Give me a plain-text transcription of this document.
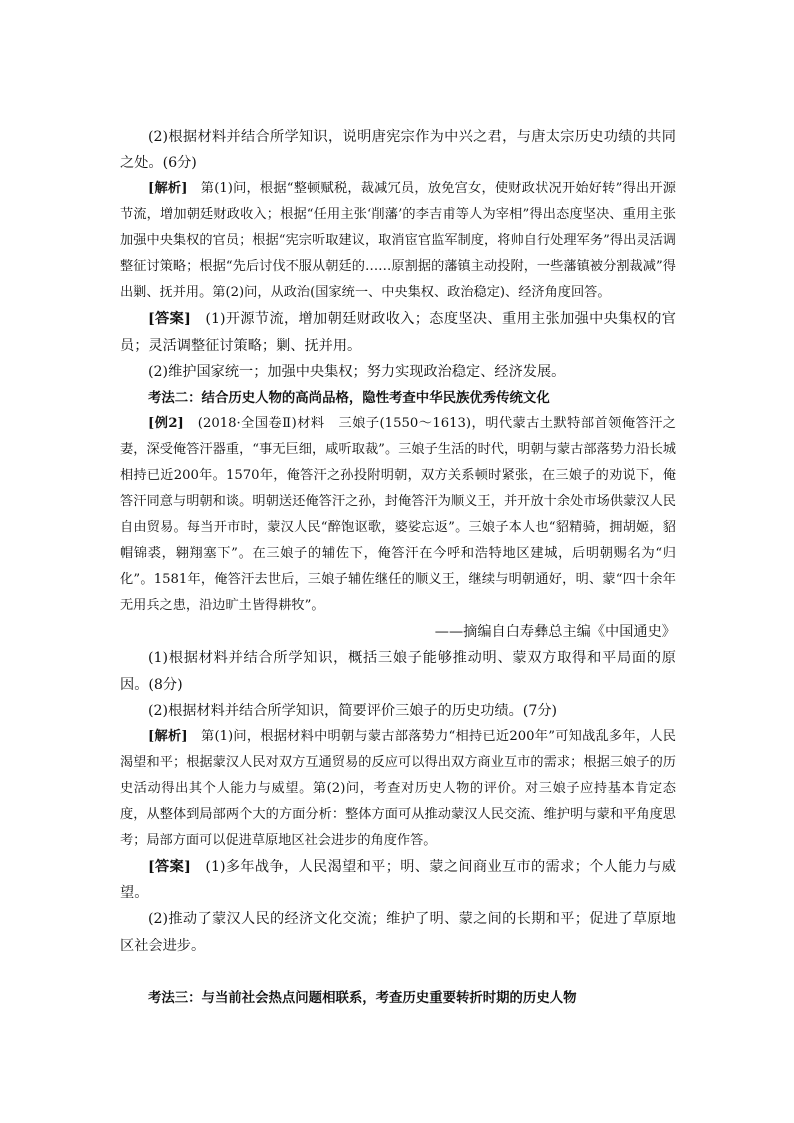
(2)根据材料并结合所学知识，说明唐宪宗作为中兴之君，与唐太宗历史功绩的共同之处。(6分)

[解析] 第(1)问，根据“整顿赋税，裁减冗员，放免宫女，使财政状况开始好转”得出开源节流，增加朝廷财政收入；根据“任用主张‘削藩’的李吉甫等人为宰相”得出态度坚决、重用主张加强中央集权的官员；根据“宪宗听取建议，取消宦官监军制度，将帅自行处理军务”得出灵活调整征讨策略；根据“先后讨伐不服从朝廷的……原割据的藩镇主动投附，一些藩镇被分割裁减”得出剿、抚并用。第(2)问，从政治(国家统一、中央集权、政治稳定)、经济角度回答。

[答案] (1)开源节流，增加朝廷财政收入；态度坚决、重用主张加强中央集权的官员；灵活调整征讨策略；剿、抚并用。

(2)维护国家统一；加强中央集权；努力实现政治稳定、经济发展。

考法二：结合历史人物的高尚品格，隐性考查中华民族优秀传统文化

[例2] (2018·全国卷Ⅱ)材料 三娘子(1550～1613)，明代蒙古土默特部首领俺答汗之妻，深受俺答汗器重，“事无巨细，咸听取裁”。三娘子生活的时代，明朝与蒙古部落势力沿长城相持已近200年。1570年，俺答汗之孙投附明朝，双方关系顿时紧张，在三娘子的劝说下，俺答汗同意与明朝和谈。明朝送还俺答汗之孙，封俺答汗为顺义王，并开放十余处市场供蒙汉人民自由贸易。每当开市时，蒙汉人民“醉饱讴歌，婆娑忘返”。三娘子本人也“貂精骑，拥胡姬，貂帽锦裘，翱翔塞下”。在三娘子的辅佐下，俺答汗在今呼和浩特地区建城，后明朝赐名为“归化”。1581年，俺答汗去世后，三娘子辅佐继任的顺义王，继续与明朝通好，明、蒙“四十余年无用兵之患，沿边旷土皆得耕牧”。

——摘编自白寿彝总主编《中国通史》

(1)根据材料并结合所学知识，概括三娘子能够推动明、蒙双方取得和平局面的原因。(8分)

(2)根据材料并结合所学知识，简要评价三娘子的历史功绩。(7分)

[解析] 第(1)问，根据材料中明朝与蒙古部落势力“相持已近200年”可知战乱多年，人民渴望和平；根据蒙汉人民对双方互通贸易的反应可以得出双方商业互市的需求；根据三娘子的历史活动得出其个人能力与威望。第(2)问，考查对历史人物的评价。对三娘子应持基本肯定态度，从整体到局部两个大的方面分析：整体方面可从推动蒙汉人民交流、维护明与蒙和平角度思考；局部方面可以促进草原地区社会进步的角度作答。

[答案] (1)多年战争，人民渴望和平；明、蒙之间商业互市的需求；个人能力与威望。

(2)推动了蒙汉人民的经济文化交流；维护了明、蒙之间的长期和平；促进了草原地区社会进步。

考法三：与当前社会热点问题相联系，考查历史重要转折时期的历史人物
